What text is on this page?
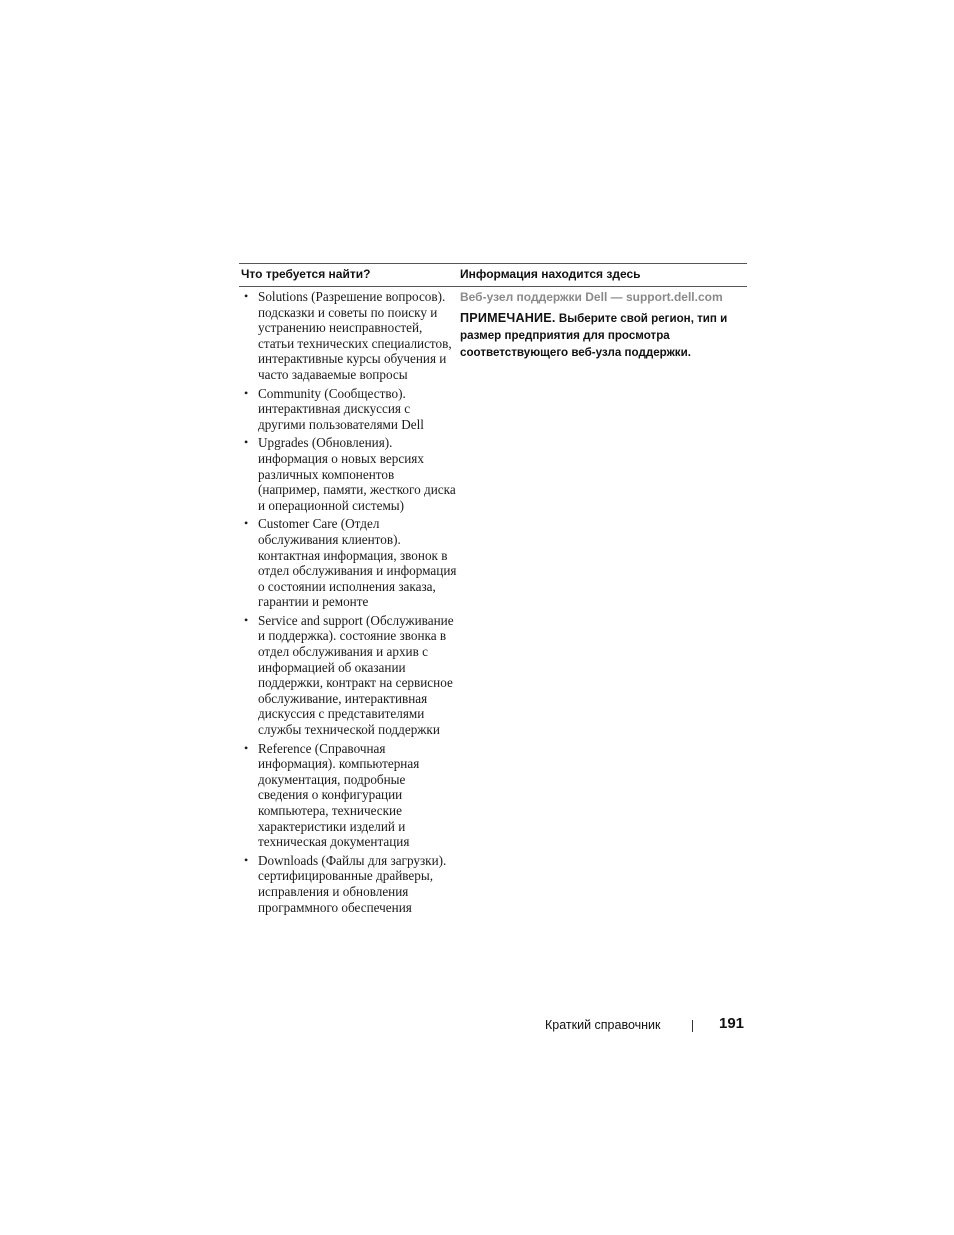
Что требуется найти?	Информация находится здесь
• Solutions (Разрешение вопросов). подсказки и советы по поиску и устранению неисправностей, статьи технических специалистов, интерактивные курсы обучения и часто задаваемые вопросы
• Community (Сообщество). интерактивная дискуссия с другими пользователями Dell
• Upgrades (Обновления). информация о новых версиях различных компонентов (например, памяти, жесткого диска и операционной системы)
• Customer Care (Отдел обслуживания клиентов). контактная информация, звонок в отдел обслуживания и информация о состоянии исполнения заказа, гарантии и ремонте
• Service and support (Обслуживание и поддержка). состояние звонка в отдел обслуживания и архив с информацией об оказании поддержки, контракт на сервисное обслуживание, интерактивная дискуссия с представителями службы технической поддержки
• Reference (Справочная информация). компьютерная документация, подробные сведения о конфигурации компьютера, технические характеристики изделий и техническая документация
• Downloads (Файлы для загрузки). сертифицированные драйверы, исправления и обновления программного обеспечения
Веб-узел поддержки Dell — support.dell.com
ПРИМЕЧАНИЕ. Выберите свой регион, тип и размер предприятия для просмотра соответствующего веб-узла поддержки.
Краткий справочник	191
